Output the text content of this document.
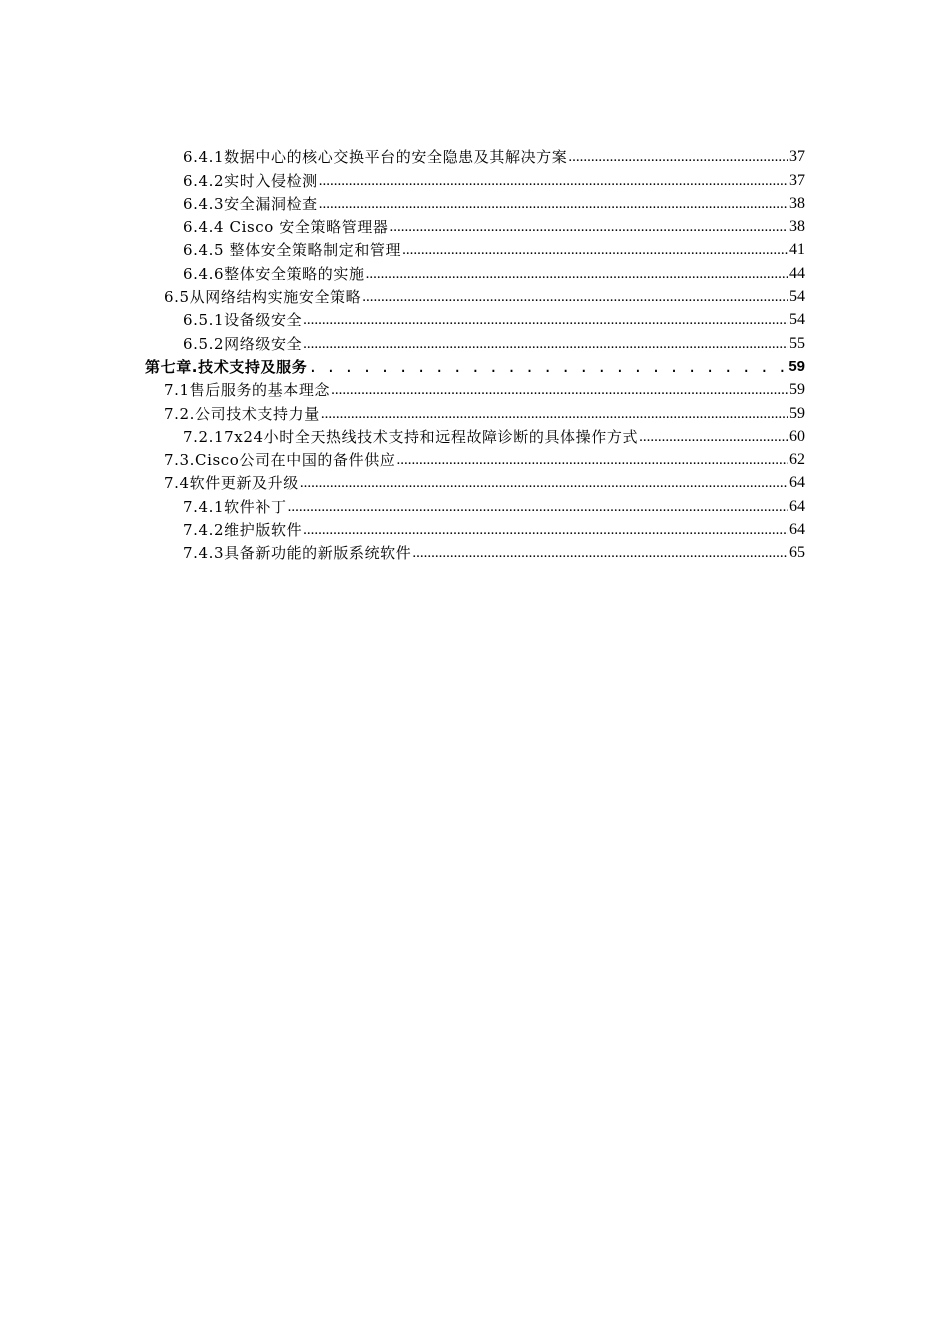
6.4.1数据中心的核心交换平台的安全隐患及其解决方案 .....	37
6.4.2实时入侵检测 .....	37
6.4.3安全漏洞检查 .....	38
6.4.4 Cisco 安全策略管理器 .....	38
6.4.5 整体安全策略制定和管理 .....	41
6.4.6整体安全策略的实施 .....	44
6.5从网络结构实施安全策略 .....	54
6.5.1设备级安全 .....	54
6.5.2网络级安全 .....	55
第七章.技术支持及服务 . . .	59
7.1售后服务的基本理念 .....	59
7.2.公司技术支持力量 .....	59
7.2.17x24小时全天热线技术支持和远程故障诊断的具体操作方式 .....	60
7.3.Cisco公司在中国的备件供应 .....	62
7.4软件更新及升级 .....	64
7.4.1软件补丁 .....	64
7.4.2维护版软件 .....	64
7.4.3具备新功能的新版系统软件 .....	65
